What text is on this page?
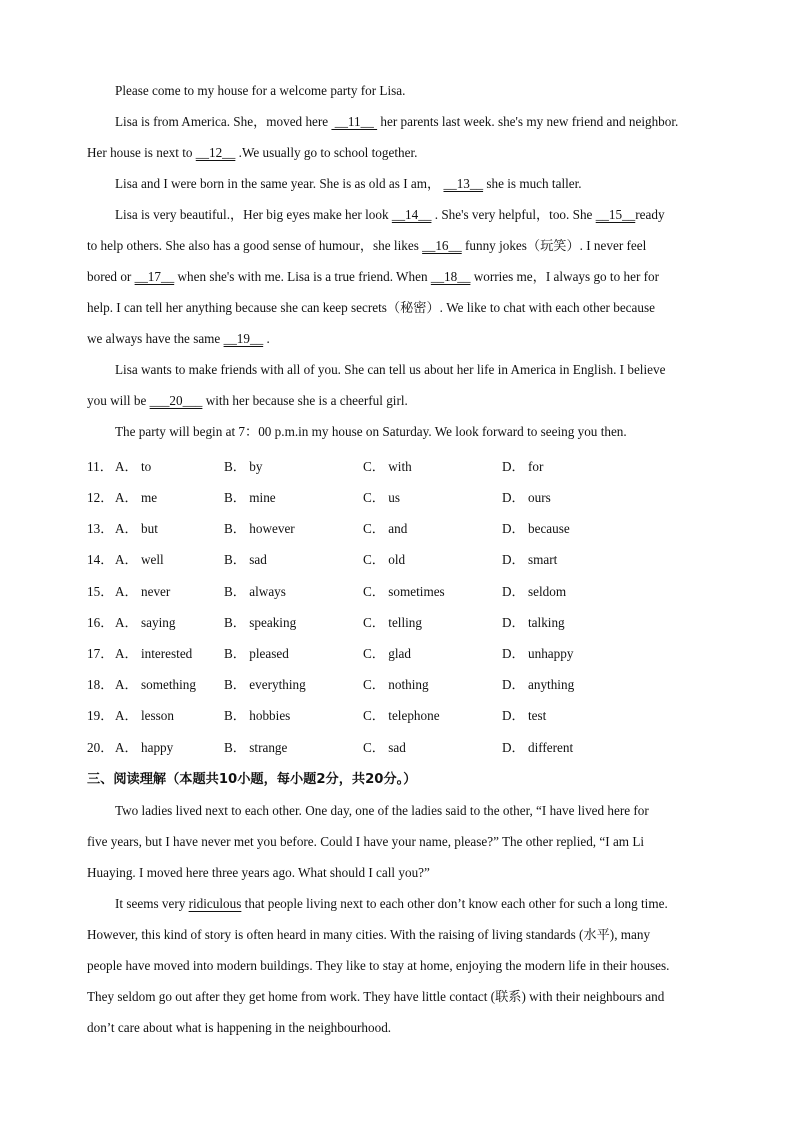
Please come to my house for a welcome party for Lisa.
Lisa is from America. She，moved here  __11__  her parents last week. she's my new friend and neighbor.
Her house is next to __12__ .We usually go to school together.
Lisa and I were born in the same year. She is as old as I am， __13__ she is much taller.
Lisa is very beautiful.，Her big eyes make her look __14__ . She's very helpful，too. She __15__ready
to help others. She also has a good sense of humour，she likes __16__ funny jokes（玩笑）. I never feel
bored or __17__ when she's with me. Lisa is a true friend. When __18__ worries me，I always go to her for
help. I can tell her anything because she can keep secrets（秘密）. We like to chat with each other because
we always have the same __19__ .
Lisa wants to make friends with all of you. She can tell us about her life in America in English. I believe
you will be ___20___ with her because she is a cheerful girl.
The party will begin at 7：00 p.m.in my house on Saturday. We look forward to seeing you then.
11． A． to	B． by	C． with	D． for
12． A． me	B． mine	C． us	D． ours
13． A． but	B． however	C． and	D． because
14． A． well	B． sad	C． old	D． smart
15． A． never	B． always	C． sometimes	D． seldom
16． A． saying	B． speaking	C． telling	D． talking
17． A． interested B． pleased	C． glad	D． unhappy
18． A． something B． everything	C． nothing	D． anything
19． A． lesson	B． hobbies	C． telephone	D． test
20． A． happy	B． strange	C． sad	D． different
三、阅读理解（本题共10小题，每小题2分，共20分。）
Two ladies lived next to each other. One day, one of the ladies said to the other, “I have lived here for
five years, but I have never met you before. Could I have your name, please?” The other replied, “I am Li
Huaying. I moved here three years ago. What should I call you?”
It seems very ridiculous that people living next to each other don’t know each other for such a long time.
However, this kind of story is often heard in many cities. With the raising of living standards (水平), many
people have moved into modern buildings. They like to stay at home, enjoying the modern life in their houses.
They seldom go out after they get home from work. They have little contact (联系) with their neighbours and
don’t care about what is happening in the neighbourhood.
